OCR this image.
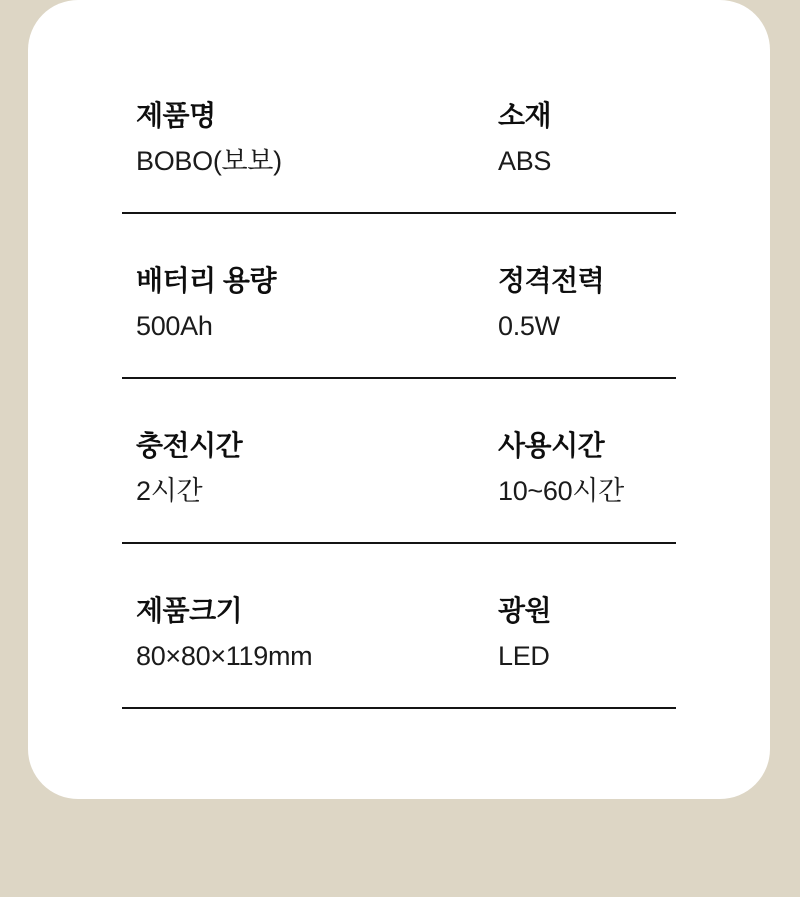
제품명
BOBO(보보)
소재
ABS
배터리 용량
500Ah
정격전력
0.5W
충전시간
2시간
사용시간
10~60시간
제품크기
80×80×119mm
광원
LED
